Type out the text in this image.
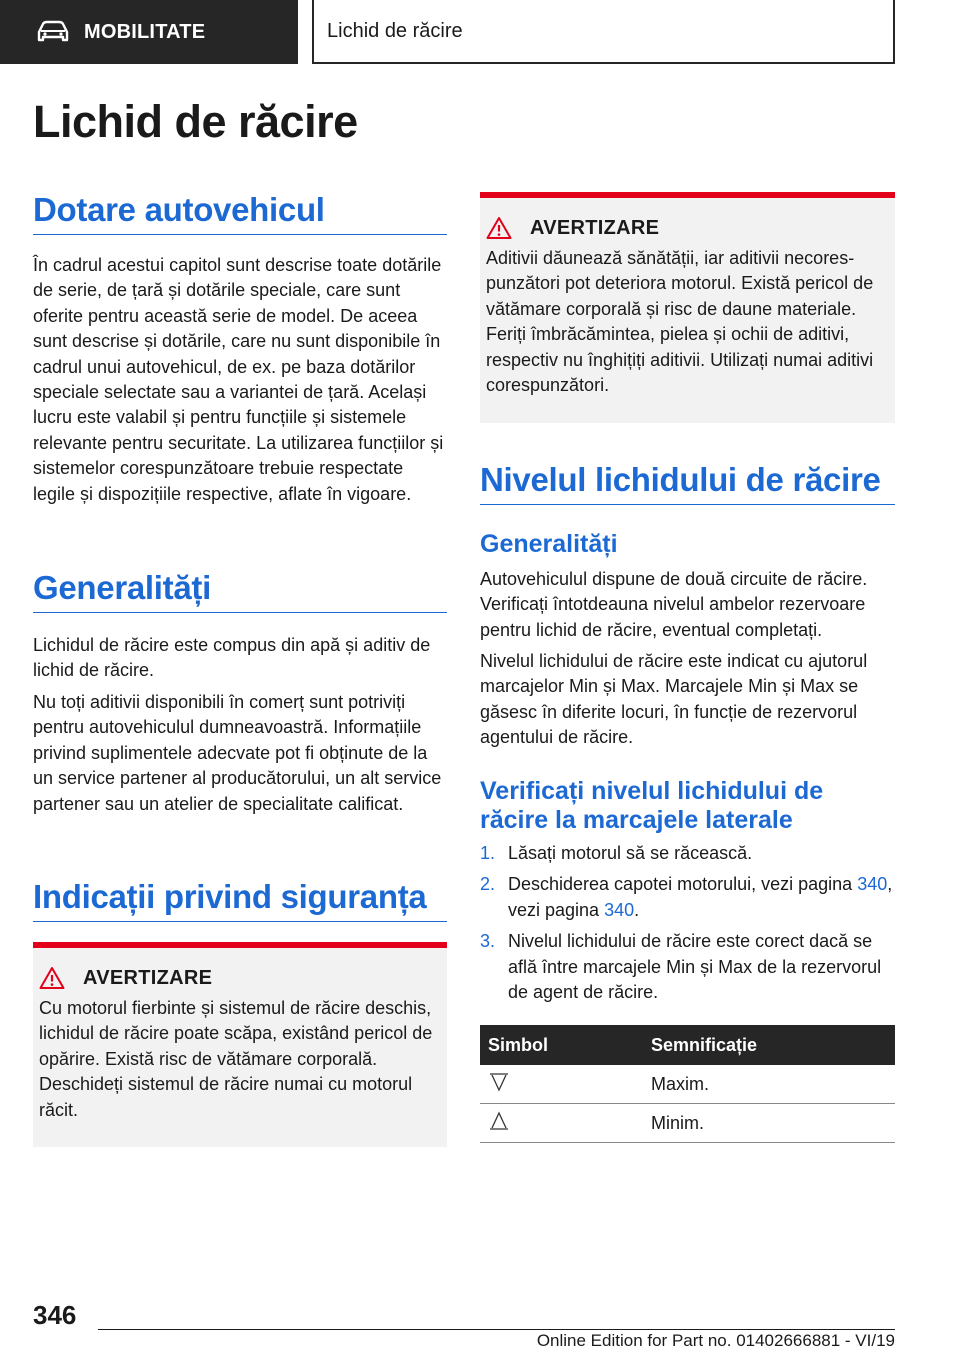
MOBILITATE	Lichid de răcire
Lichid de răcire
Dotare autovehicul

În cadrul acestui capitol sunt descrise toate dotările de serie, de țară și dotările speciale, care sunt oferite pentru această serie de model. De aceea sunt descrise și dotările, care nu sunt disponibile în cadrul unui autovehicul, de ex. pe baza dotărilor speciale selectate sau a variantei de țară. Același lucru este valabil și pentru funcțiile și sistemele relevante pentru securitate. La utilizarea funcțiilor și sistemelor corespunzătoare trebuie respectate legile și dispozițiile respective, aflate în vigoare.

Generalități

Lichidul de răcire este compus din apă și aditiv de lichid de răcire.

Nu toți aditivii disponibili în comerț sunt potriviți pentru autovehiculul dumneavoastră. Informațiile privind suplimentele adecvate pot fi obținute de la un service partener al producătorului, un alt service partener sau un atelier de specialitate calificat.

Indicații privind siguranța
AVERTIZARE
Cu motorul fierbinte și sistemul de răcire deschis, lichidul de răcire poate scăpa, existând pericol de opărire. Există risc de vătămare corporală. Deschideți sistemul de răcire numai cu motorul răcit.
AVERTIZARE
Aditivii dăunează sănătății, iar aditivii necorespunzători pot deteriora motorul. Există pericol de vătămare corporală și risc de daune materiale. Feriți îmbrăcămintea, pielea și ochii de aditivi, respectiv nu înghițiți aditivii. Utilizați numai aditivi corespunzători.
Nivelul lichidului de răcire
Generalități

Autovehiculul dispune de două circuite de răcire. Verificați întotdeauna nivelul ambelor rezervoare pentru lichid de răcire, eventual completați.

Nivelul lichidului de răcire este indicat cu ajutorul marcajelor Min și Max. Marcajele Min și Max se găsesc în diferite locuri, în funcție de rezervorul agentului de răcire.

Verificați nivelul lichidului de răcire la marcajele laterale
1. Lăsați motorul să se răcească.
2. Deschiderea capotei motorului, vezi pagina 340, vezi pagina 340.
3. Nivelul lichidului de răcire este corect dacă se află între marcajele Min și Max de la rezervorul de agent de răcire.
Simbol	Semnificație
	Maxim.
	Minim.
346
Online Edition for Part no. 01402666881 - VI/19
